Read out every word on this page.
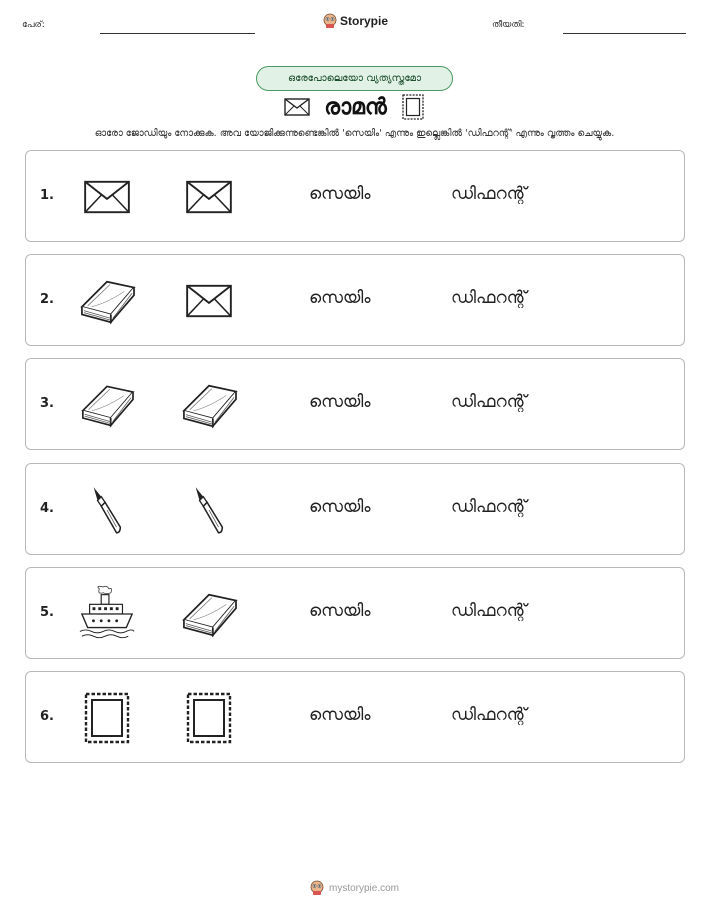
പേര്:	Storypie	തീയതി:
ഒരേപോലെയോ വ്യത്യസ്തമോ
രാമൻ
ഓരോ ജോഡിയും നോക്കുക. അവ യോജിക്കുന്നുണ്ടെങ്കിൽ 'സെയിം' എന്നും ഇല്ലെങ്കിൽ 'ഡിഫറന്റ്' എന്നും വൃത്തം ചെയ്യുക.
1.	സെയിം	ഡിഫറന്റ്
2.	സെയിം	ഡിഫറന്റ്
3.	സെയിം	ഡിഫറന്റ്
4.	സെയിം	ഡിഫറന്റ്
5.	സെയിം	ഡിഫറന്റ്
6.	സെയിം	ഡിഫറന്റ്
mystorypie.com
